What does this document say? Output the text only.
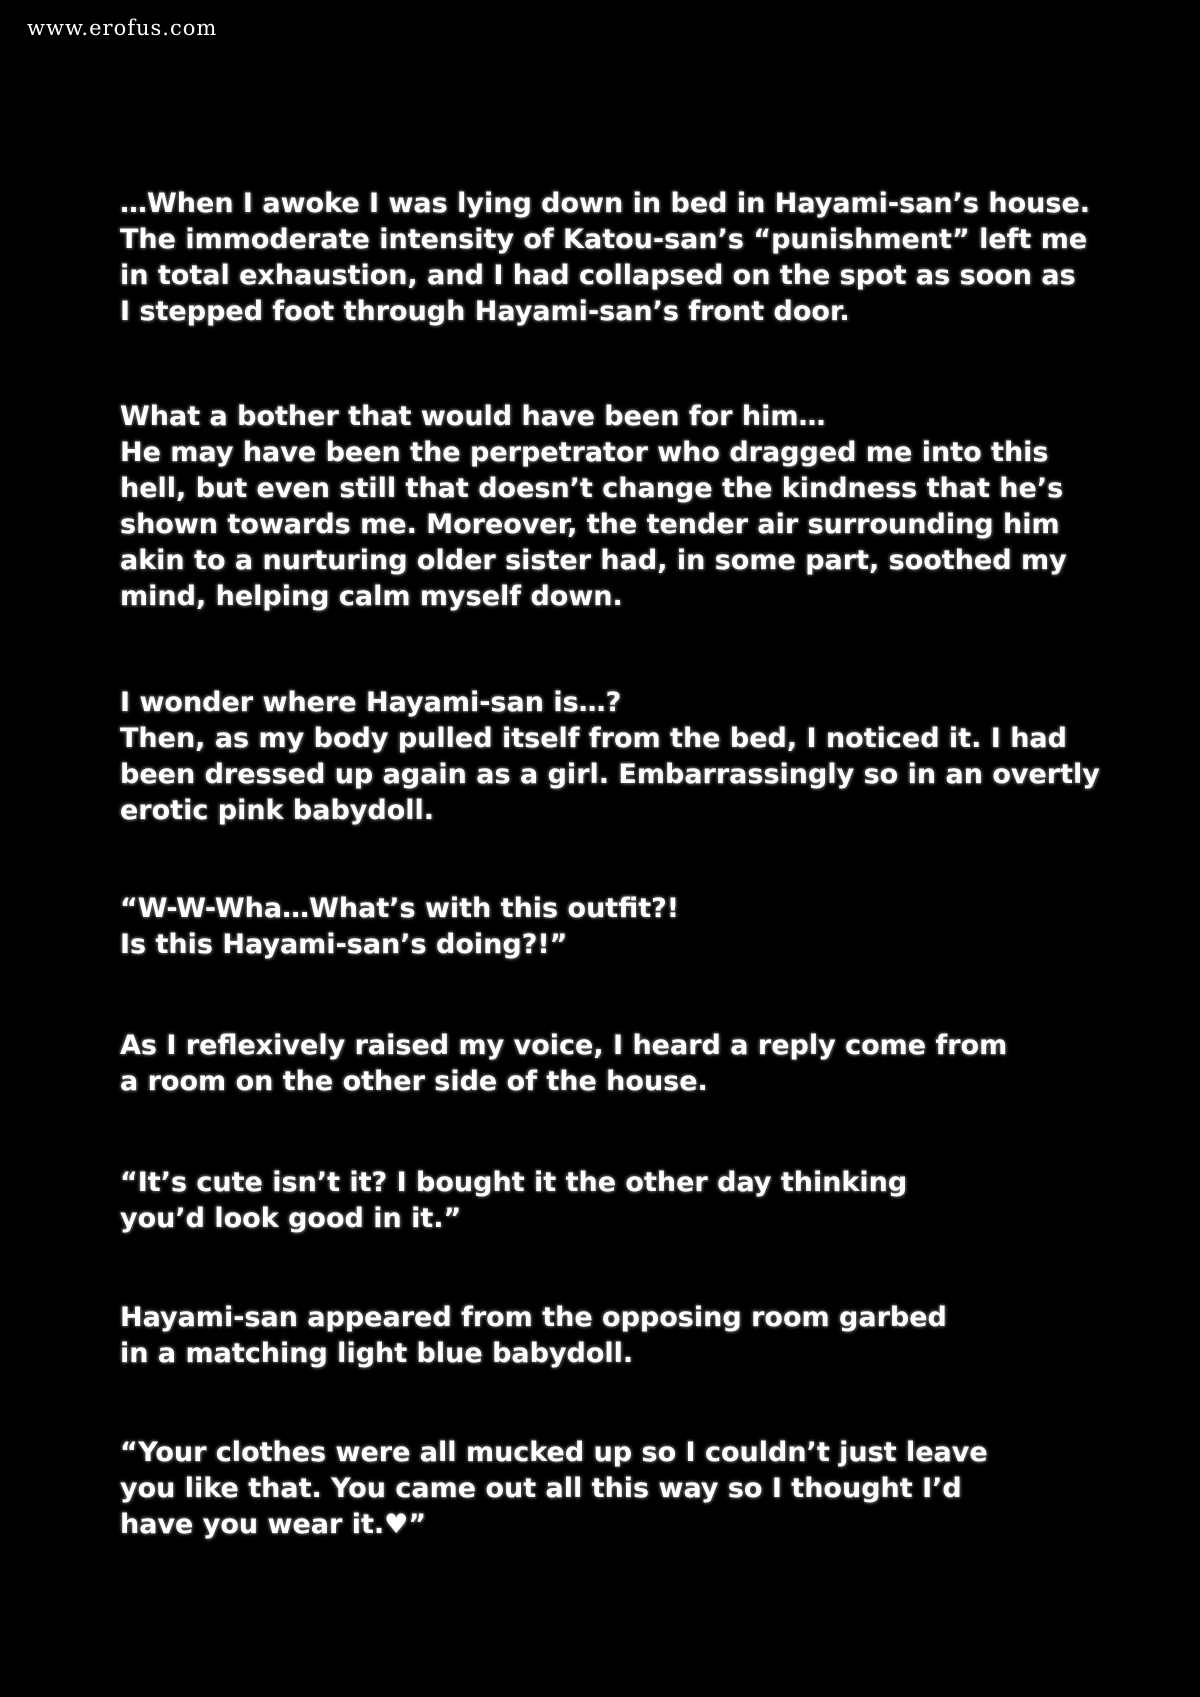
www.erofus.com

…When I awoke I was lying down in bed in Hayami-san’s house.
The immoderate intensity of Katou-san’s “punishment” left me
in total exhaustion, and I had collapsed on the spot as soon as
I stepped foot through Hayami-san’s front door.

What a bother that would have been for him…
He may have been the perpetrator who dragged me into this
hell, but even still that doesn’t change the kindness that he’s
shown towards me. Moreover, the tender air surrounding him
akin to a nurturing older sister had, in some part, soothed my
mind, helping calm myself down.

I wonder where Hayami-san is…?
Then, as my body pulled itself from the bed, I noticed it. I had
been dressed up again as a girl. Embarrassingly so in an overtly
erotic pink babydoll.

“W-W-Wha…What’s with this outfit?!
Is this Hayami-san’s doing?!”

As I reflexively raised my voice, I heard a reply come from
a room on the other side of the house.

“It’s cute isn’t it? I bought it the other day thinking
you’d look good in it.”

Hayami-san appeared from the opposing room garbed
in a matching light blue babydoll.

“Your clothes were all mucked up so I couldn’t just leave
you like that. You came out all this way so I thought I’d
have you wear it.♥”
